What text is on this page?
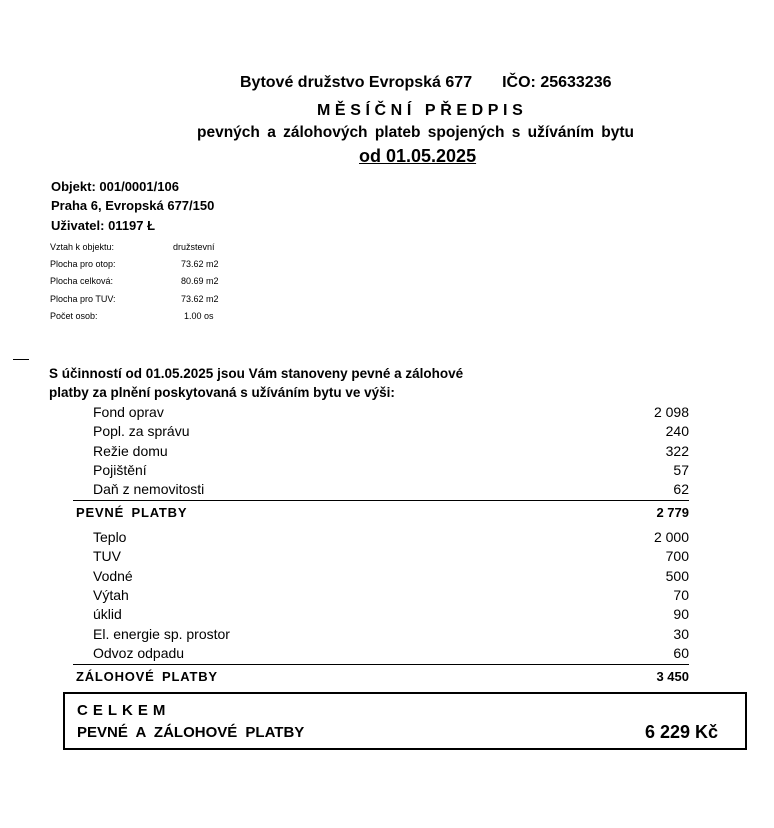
Bytové družstvo Evropská 677 IČO: 25633236
MĚSÍČNÍ PŘEDPIS
pevných a zálohových plateb spojených s užíváním bytu
od 01.05.2025
Objekt: 001/0001/106
Praha 6, Evropská 677/150
Uživatel: 01197 Ł
Vztah k objektu:	družstevní
Plocha pro otop:	73.62 m2
Plocha celková:	80.69 m2
Plocha pro TUV:	73.62 m2
Počet osob:	1.00 os
S účinností od 01.05.2025 jsou Vám stanoveny pevné a zálohové
platby za plnění poskytovaná s užíváním bytu ve výši:
Fond oprav	2 098
Popl. za správu	240
Režie domu	322
Pojištění	57
Daň z nemovitosti	62
PEVNÉ PLATBY	2 779
Teplo	2 000
TUV	700
Vodné	500
Výtah	70
úklid	90
El. energie sp. prostor	30
Odvoz odpadu	60
ZÁLOHOVÉ PLATBY	3 450
CELKEM
PEVNÉ A ZÁLOHOVÉ PLATBY	6 229 Kč
